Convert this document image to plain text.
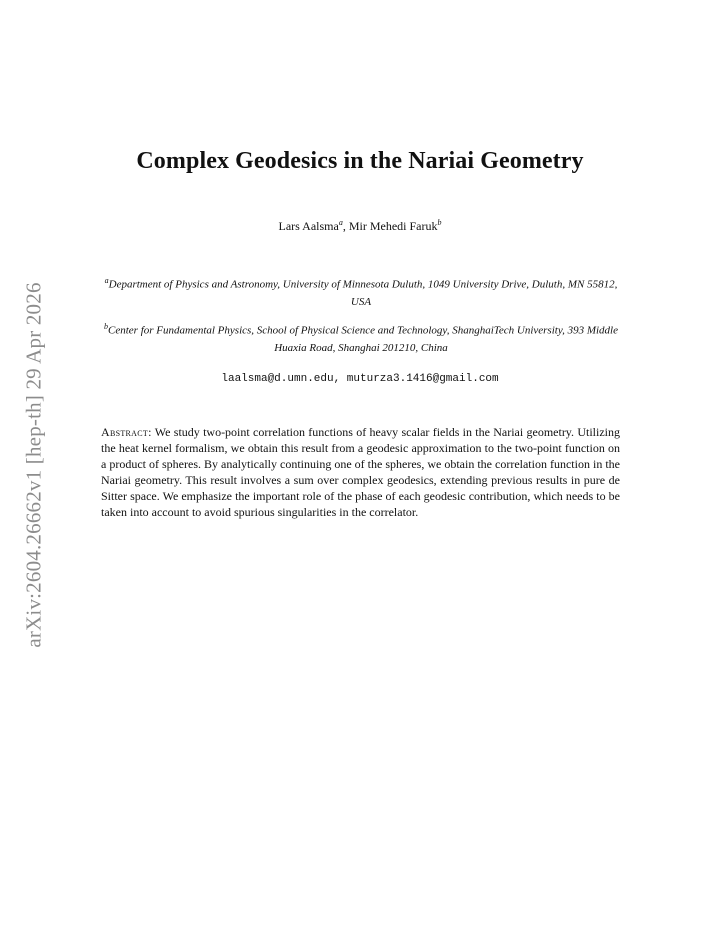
arXiv:2604.26662v1 [hep-th] 29 Apr 2026
Complex Geodesics in the Nariai Geometry
Lars Aalsma$^a$, Mir Mehedi Faruk$^b$
$^a$Department of Physics and Astronomy, University of Minnesota Duluth, 1049 University Drive, Duluth, MN 55812, USA
$^b$Center for Fundamental Physics, School of Physical Science and Technology, ShanghaiTech University, 393 Middle Huaxia Road, Shanghai 201210, China
laalsma@d.umn.edu, muturza3.1416@gmail.com
Abstract: We study two-point correlation functions of heavy scalar fields in the Nariai geometry. Utilizing the heat kernel formalism, we obtain this result from a geodesic approximation to the two-point function on a product of spheres. By analytically continuing one of the spheres, we obtain the correlation function in the Nariai geometry. This result involves a sum over complex geodesics, extending previous results in pure de Sitter space. We emphasize the important role of the phase of each geodesic contribution, which needs to be taken into account to avoid spurious singularities in the correlator.
